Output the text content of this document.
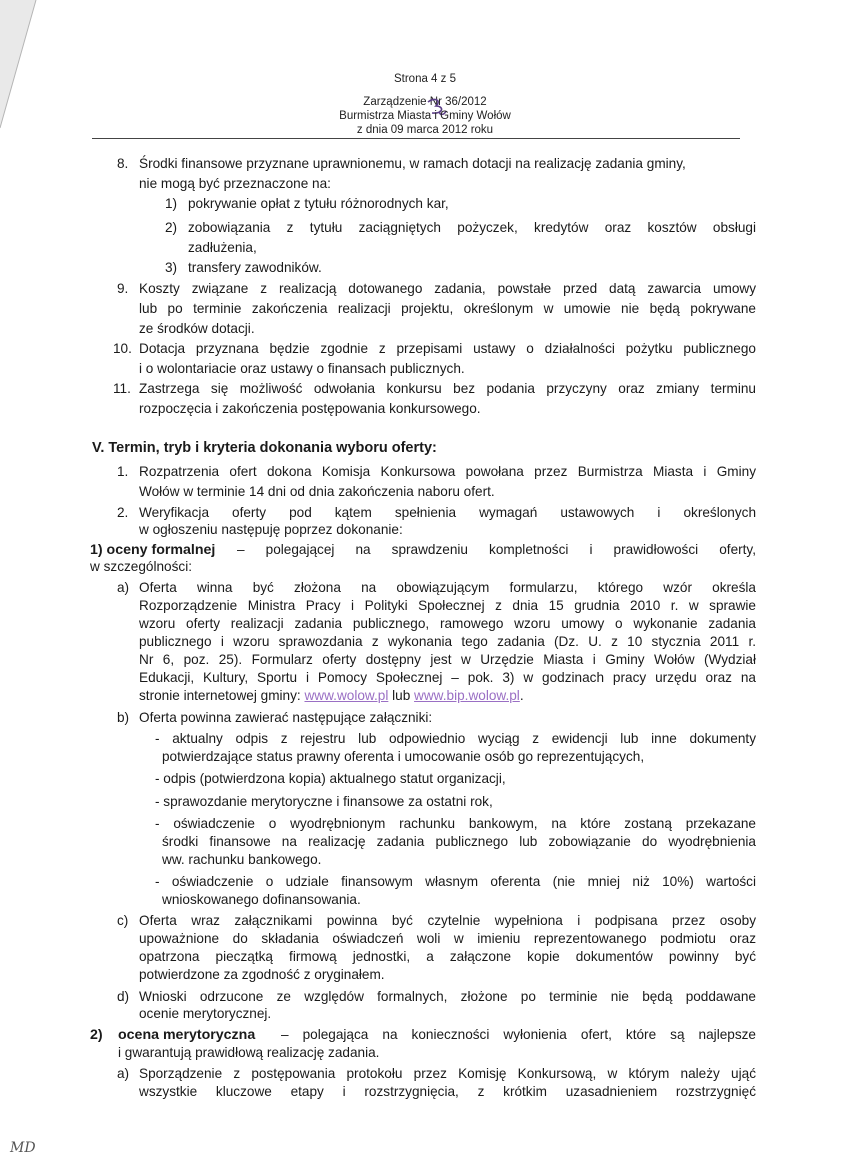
Strona 4 z 5
Zarządzenie Nr 36/2012
Burmistrza Miasta i Gminy Wołów
z dnia 09 marca 2012 roku
8. Środki finansowe przyznane uprawnionemu, w ramach dotacji na realizację zadania gminy,
nie mogą być przeznaczone na:
1) pokrywanie opłat z tytułu różnorodnych kar,
2) zobowiązania z tytułu zaciągniętych pożyczek, kredytów oraz kosztów obsługi
zadłużenia,
3) transfery zawodników.
9. Koszty związane z realizacją dotowanego zadania, powstałe przed datą zawarcia umowy
lub po terminie zakończenia realizacji projektu, określonym w umowie nie będą pokrywane
ze środków dotacji.
10. Dotacja przyznana będzie zgodnie z przepisami ustawy o działalności pożytku publicznego
i o wolontariacie oraz ustawy o finansach publicznych.
11. Zastrzega się możliwość odwołania konkursu bez podania przyczyny oraz zmiany terminu
rozpoczęcia i zakończenia postępowania konkursowego.
V. Termin, tryb i kryteria dokonania wyboru oferty:
1. Rozpatrzenia ofert dokona Komisja Konkursowa powołana przez Burmistrza Miasta i Gminy
Wołów w terminie 14 dni od dnia zakończenia naboru ofert.
2. Weryfikacja oferty pod kątem spełnienia wymagań ustawowych i określonych
w ogłoszeniu następuję poprzez dokonanie:
1) oceny formalnej – polegającej na sprawdzeniu kompletności i prawidłowości oferty,
w szczególności:
a) Oferta winna być złożona na obowiązującym formularzu, którego wzór określa
Rozporządzenie Ministra Pracy i Polityki Społecznej z dnia 15 grudnia 2010 r. w sprawie
wzoru oferty realizacji zadania publicznego, ramowego wzoru umowy o wykonanie zadania
publicznego i wzoru sprawozdania z wykonania tego zadania (Dz. U. z 10 stycznia 2011 r.
Nr 6, poz. 25). Formularz oferty dostępny jest w Urzędzie Miasta i Gminy Wołów (Wydział
Edukacji, Kultury, Sportu i Pomocy Społecznej – pok. 3) w godzinach pracy urzędu oraz na
stronie internetowej gminy: www.wolow.pl lub www.bip.wolow.pl.
b) Oferta powinna zawierać następujące załączniki:
- aktualny odpis z rejestru lub odpowiednio wyciąg z ewidencji lub inne dokumenty
potwierdzające status prawny oferenta i umocowanie osób go reprezentujących,
- odpis (potwierdzona kopia) aktualnego statut organizacji,
- sprawozdanie merytoryczne i finansowe za ostatni rok,
- oświadczenie o wyodrębnionym rachunku bankowym, na które zostaną przekazane
środki finansowe na realizację zadania publicznego lub zobowiązanie do wyodrębnienia
ww. rachunku bankowego.
- oświadczenie o udziale finansowym własnym oferenta (nie mniej niż 10%) wartości
wnioskowanego dofinansowania.
c) Oferta wraz załącznikami powinna być czytelnie wypełniona i podpisana przez osoby
upoważnione do składania oświadczeń woli w imieniu reprezentowanego podmiotu oraz
opatrzona pieczątką firmową jednostki, a załączone kopie dokumentów powinny być
potwierdzone za zgodność z oryginałem.
d) Wnioski odrzucone ze względów formalnych, złożone po terminie nie będą poddawane
ocenie merytorycznej.
2) ocena merytoryczna – polegająca na konieczności wyłonienia ofert, które są najlepsze
i gwarantują prawidłową realizację zadania.
a) Sporządzenie z postępowania protokołu przez Komisję Konkursową, w którym należy ująć
wszystkie kluczowe etapy i rozstrzygnięcia, z krótkim uzasadnieniem rozstrzygnięć
MD
